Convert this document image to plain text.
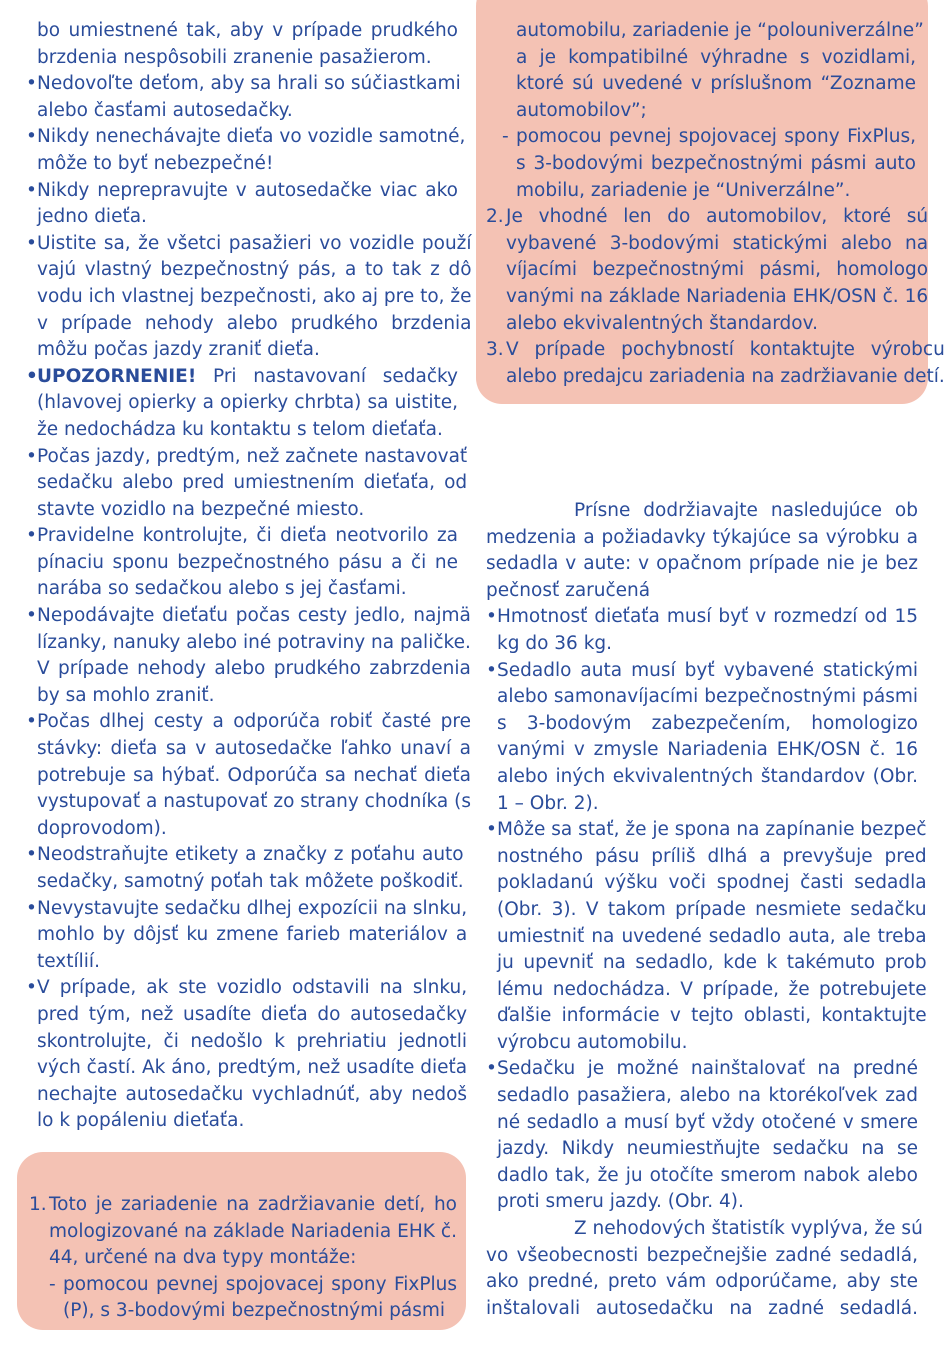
bo umiestnené tak, aby v prípade prudkého
brzdenia nespôsobili zranenie pasažierom.
• Nedovoľte deťom, aby sa hrali so súčiastkami
alebo časťami autosedačky.
• Nikdy nenechávajte dieťa vo vozidle samotné,
môže to byť nebezpečné!
• Nikdy neprepravujte v autosedačke viac ako
jedno dieťa.
• Uistite sa, že všetci pasažieri vo vozidle použí
vajú vlastný bezpečnostný pás, a to tak z dô
vodu ich vlastnej bezpečnosti, ako aj pre to, že
v prípade nehody alebo prudkého brzdenia
môžu počas jazdy zraniť dieťa.
• UPOZORNENIE! Pri nastavovaní sedačky
(hlavovej opierky a opierky chrbta) sa uistite,
že nedochádza ku kontaktu s telom dieťaťa.
• Počas jazdy, predtým, než začnete nastavovať
sedačku alebo pred umiestnením dieťaťa, od
stavte vozidlo na bezpečné miesto.
• Pravidelne kontrolujte, či dieťa neotvorilo za
pínaciu sponu bezpečnostného pásu a či ne
narába so sedačkou alebo s jej časťami.
• Nepodávajte dieťaťu počas cesty jedlo, najmä
lízanky, nanuky alebo iné potraviny na paličke.
V prípade nehody alebo prudkého zabrzdenia
by sa mohlo zraniť.
• Počas dlhej cesty a odporúča robiť časté pre
stávky: dieťa sa v autosedačke ľahko unaví a
potrebuje sa hýbať. Odporúča sa nechať dieťa
vystupovať a nastupovať zo strany chodníka (s
doprovodom).
• Neodstraňujte etikety a značky z poťahu auto
sedačky, samotný poťah tak môžete poškodiť.
• Nevystavujte sedačku dlhej expozícii na slnku,
mohlo by dôjsť ku zmene farieb materiálov a
textílií.
• V prípade, ak ste vozidlo odstavili na slnku,
pred tým, než usadíte dieťa do autosedačky
skontrolujte, či nedošlo k prehriatiu jednotli
vých častí. Ak áno, predtým, než usadíte dieťa
nechajte autosedačku vychladnúť, aby nedoš
lo k popáleniu dieťaťa.
1. Toto je zariadenie na zadržiavanie detí, ho
mologizované na základe Nariadenia EHK č.
44, určené na dva typy montáže:
- pomocou pevnej spojovacej spony FixPlus
(P), s 3-bodovými bezpečnostnými pásmi
automobilu, zariadenie je “polouniverzálne”
a je kompatibilné výhradne s vozidlami,
ktoré sú uvedené v príslušnom “Zozname
automobilov”;
- pomocou pevnej spojovacej spony FixPlus,
s 3-bodovými bezpečnostnými pásmi auto
mobilu, zariadenie je “Univerzálne”.
2. Je vhodné len do automobilov, ktoré sú
vybavené 3-bodovými statickými alebo na
víjacími bezpečnostnými pásmi, homologo
vanými na základe Nariadenia EHK/OSN č. 16
alebo ekvivalentných štandardov.
3. V prípade pochybností kontaktujte výrobcu
alebo predajcu zariadenia na zadržiavanie detí.
Prísne dodržiavajte nasledujúce ob
medzenia a požiadavky týkajúce sa výrobku a
sedadla v aute: v opačnom prípade nie je bez
pečnosť zaručená
• Hmotnosť dieťaťa musí byť v rozmedzí od 15
kg do 36 kg.
• Sedadlo auta musí byť vybavené statickými
alebo samonavíjacími bezpečnostnými pásmi
s 3-bodovým zabezpečením, homologizo
vanými v zmysle Nariadenia EHK/OSN č. 16
alebo iných ekvivalentných štandardov (Obr.
1 – Obr. 2).
• Môže sa stať, že je spona na zapínanie bezpeč
nostného pásu príliš dlhá a prevyšuje pred
pokladanú výšku voči spodnej časti sedadla
(Obr. 3). V takom prípade nesmiete sedačku
umiestniť na uvedené sedadlo auta, ale treba
ju upevniť na sedadlo, kde k takémuto prob
lému nedochádza. V prípade, že potrebujete
ďalšie informácie v tejto oblasti, kontaktujte
výrobcu automobilu.
• Sedačku je možné nainštalovať na predné
sedadlo pasažiera, alebo na ktorékoľvek zad
né sedadlo a musí byť vždy otočené v smere
jazdy. Nikdy neumiestňujte sedačku na se
dadlo tak, že ju otočíte smerom nabok alebo
proti smeru jazdy. (Obr. 4).
Z nehodových štatistík vyplýva, že sú
vo všeobecnosti bezpečnejšie zadné sedadlá,
ako predné, preto vám odporúčame, aby ste
inštalovali autosedačku na zadné sedadlá.
